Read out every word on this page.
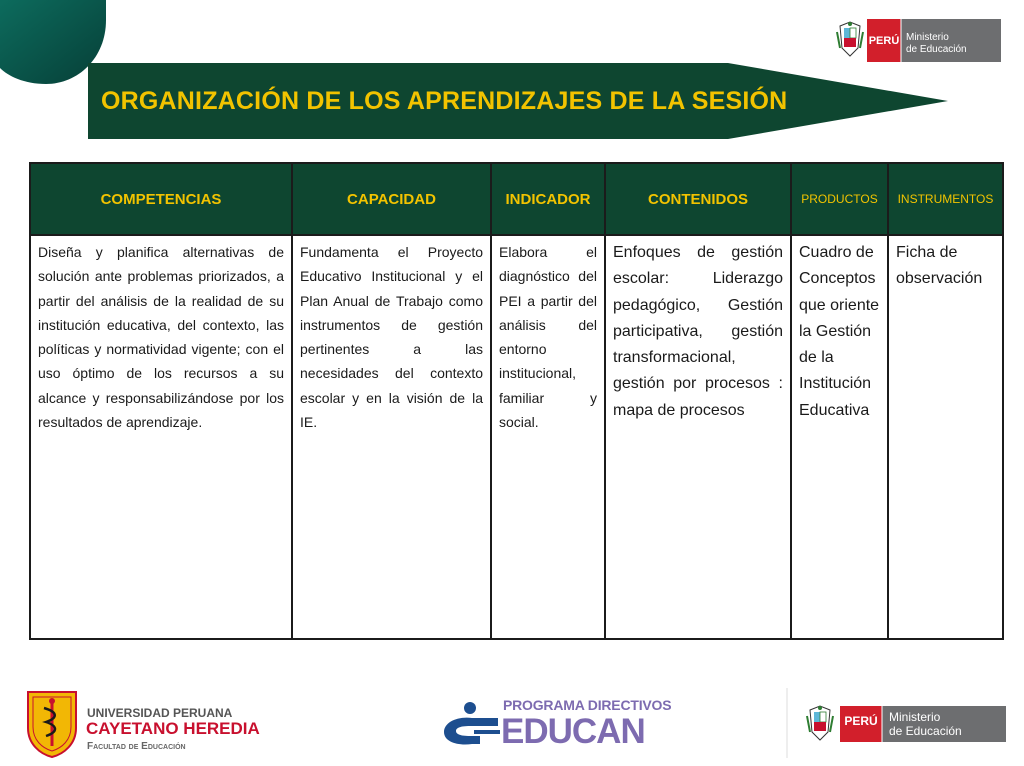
ORGANIZACIÓN DE LOS APRENDIZAJES DE LA SESIÓN
PERÚ Ministerio
de Educación
COMPETENCIAS	CAPACIDAD	INDICADOR	CONTENIDOS	PRODUCTOS	INSTRUMENTOS

Diseña y planifica alternativas de solución ante problemas priorizados, a partir del análisis de la realidad de su institución educativa, del contexto, las políticas y normatividad vigente; con el uso óptimo de los recursos a su alcance y responsabilizándose por los resultados de aprendizaje.	Fundamenta el Proyecto Educativo Institucional y el Plan Anual de Trabajo como instrumentos de gestión pertinentes a las necesidades del contexto escolar y en la visión de la IE.	Elabora el diagnóstico del PEI a partir del análisis del entorno institucional, familiar y social.	Enfoques de gestión escolar: Liderazgo pedagógico, Gestión participativa, gestión transformacional, gestión por procesos : mapa de procesos	Cuadro de Conceptos que oriente la Gestión de la Institución Educativa	Ficha de observación
UNIVERSIDAD PERUANA
CAYETANO HEREDIA
Facultad de Educación
PROGRAMA DIRECTIVOS
EDUCAN	PERÚ Ministerio
de Educación
